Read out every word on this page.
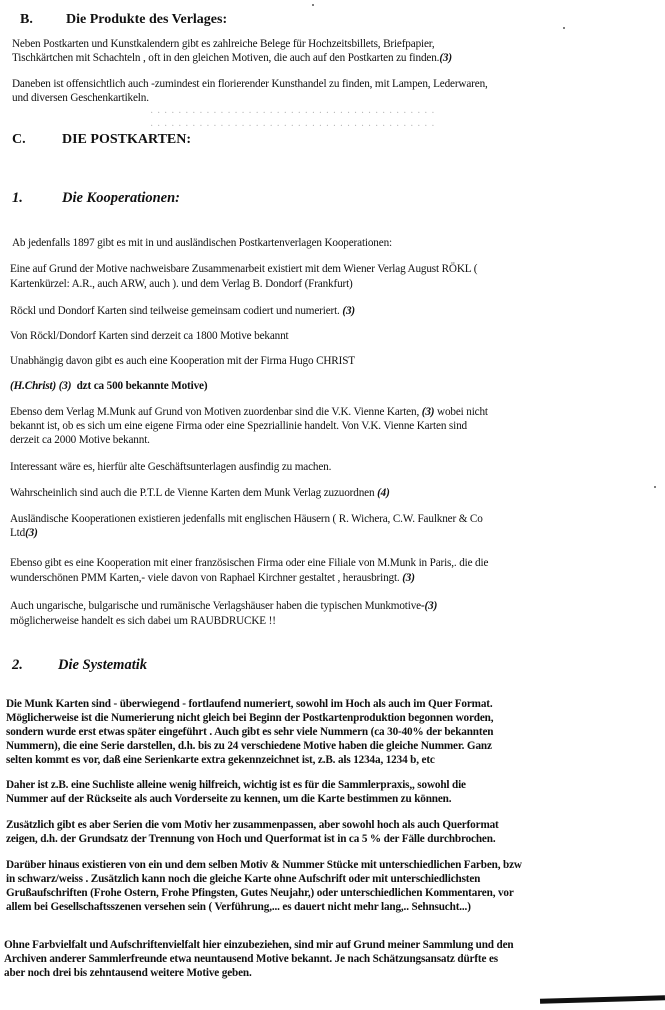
B. Die Produkte des Verlages:
Neben Postkarten und Kunstkalendern gibt es zahlreiche Belege für Hochzeitsbillets, Briefpapier,
Tischkärtchen mit Schachteln , oft in den gleichen Motiven, die auch auf den Postkarten zu finden.(3)
Daneben ist offensichtlich auch -zumindest ein florierender Kunsthandel zu finden, mit Lampen, Lederwaren,
und diversen Geschenkartikeln.
· · · · · · · · · · · · · · · · · · · · · · · · · · · · · · · · · · · · · · · · ·
· · · · · · · · · · · · · · · · · · · · · · · · · · · · · · · · · · · · · · · · ·
C.	DIE POSTKARTEN:
1.	Die Kooperationen:
Ab jedenfalls 1897 gibt es mit in und ausländischen Postkartenverlagen Kooperationen:
Eine auf Grund der Motive nachweisbare Zusammenarbeit existiert mit dem Wiener Verlag August RÖKL (
Kartenkürzel: A.R., auch ARW, auch ). und dem Verlag B. Dondorf (Frankfurt)
Röckl und Dondorf Karten sind teilweise gemeinsam codiert und numeriert. (3)
Von Röckl/Dondorf Karten sind derzeit ca 1800 Motive bekannt
Unabhängig davon gibt es auch eine Kooperation mit der Firma Hugo CHRIST
(H.Christ) (3) dzt ca 500 bekannte Motive)
Ebenso dem Verlag M.Munk auf Grund von Motiven zuordenbar sind die V.K. Vienne Karten, (3) wobei nicht
bekannt ist, ob es sich um eine eigene Firma oder eine Spezriallinie handelt. Von V.K. Vienne Karten sind
derzeit ca 2000 Motive bekannt.
Interessant wäre es, hierfür alte Geschäftsunterlagen ausfindig zu machen.
Wahrscheinlich sind auch die P.T.L de Vienne Karten dem Munk Verlag zuzuordnen (4)
Ausländische Kooperationen existieren jedenfalls mit englischen Häusern ( R. Wichera, C.W. Faulkner & Co
Ltd(3)
Ebenso gibt es eine Kooperation mit einer französischen Firma oder eine Filiale von M.Munk in Paris,. die die
wunderschönen PMM Karten,- viele davon von Raphael Kirchner gestaltet , herausbringt. (3)
Auch ungarische, bulgarische und rumänische Verlagshäuser haben die typischen Munkmotive-(3)
möglicherweise handelt es sich dabei um RAUBDRUCKE !!
2. Die Systematik
Die Munk Karten sind - überwiegend - fortlaufend numeriert, sowohl im Hoch als auch im Quer Format.
Möglicherweise ist die Numerierung nicht gleich bei Beginn der Postkartenproduktion begonnen worden,
sondern wurde erst etwas später eingeführt . Auch gibt es sehr viele Nummern (ca 30-40% der bekannten
Nummern), die eine Serie darstellen, d.h. bis zu 24 verschiedene Motive haben die gleiche Nummer. Ganz
selten kommt es vor, daß eine Serienkarte extra gekennzeichnet ist, z.B. als 1234a, 1234 b, etc
Daher ist z.B. eine Suchliste alleine wenig hilfreich, wichtig ist es für die Sammlerpraxis,, sowohl die
Nummer auf der Rückseite als auch Vorderseite zu kennen, um die Karte bestimmen zu können.
Zusätzlich gibt es aber Serien die vom Motiv her zusammenpassen, aber sowohl hoch als auch Querformat
zeigen, d.h. der Grundsatz der Trennung von Hoch und Querformat ist in ca 5 % der Fälle durchbrochen.
Darüber hinaus existieren von ein und dem selben Motiv & Nummer Stücke mit unterschiedlichen Farben, bzw
in schwarz/weiss . Zusätzlich kann noch die gleiche Karte ohne Aufschrift oder mit unterschiedlichsten
Grußaufschriften (Frohe Ostern, Frohe Pfingsten, Gutes Neujahr,) oder unterschiedlichen Kommentaren, vor
allem bei Gesellschaftsszenen versehen sein ( Verführung,... es dauert nicht mehr lang,.. Sehnsucht...)
Ohne Farbvielfalt und Aufschriftenvielfalt hier einzubeziehen, sind mir auf Grund meiner Sammlung und den
Archiven anderer Sammlerfreunde etwa neuntausend Motive bekannt. Je nach Schätzungsansatz dürfte es
aber noch drei bis zehntausend weitere Motive geben.
